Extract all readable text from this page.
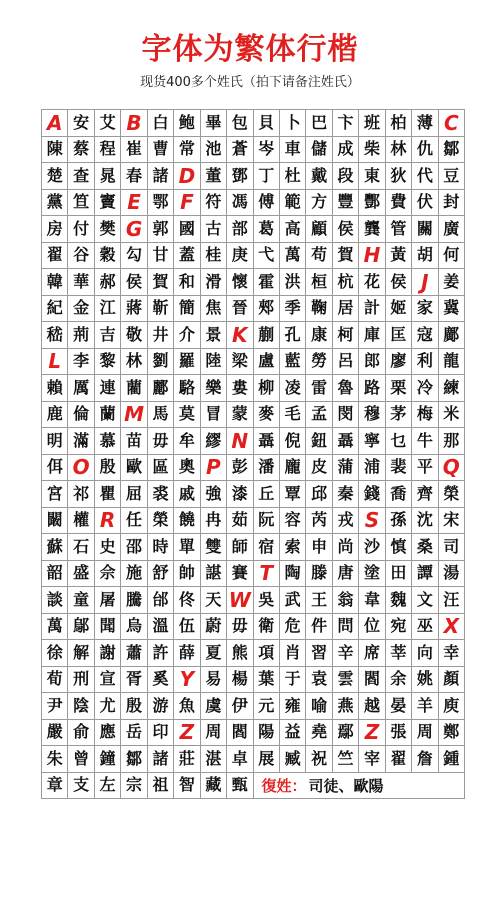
字体为繁体行楷
现货400多个姓氏（拍下请备注姓氏）
A 安 艾 B 白 鲍 畢 包 貝 卜 巴 卞 班 柏 薄 C
陳 蔡 程 崔 曹 常 池 蒼 岑 車 儲 成 柴 林 仇 鄒
楚 查 晁 春 諸 D 董 鄧 丁 杜 戴 段 東 狄 代 豆
黨 笪 竇 E 鄂 F 符 馮 傅 範 方 豐 酆 費 伏 封
房 付 樊 G 郭 國 古 部 葛 高 顧 侯 龔 管 關 廣
翟 谷 穀 勾 甘 蓋 桂 庚 弋 萬 苟 賀 H 黃 胡 何
韓 華 郝 侯 賀 和 滑 懷 霍 洪 桓 杭 花 侯 J 姜
紀 金 江 蔣 靳 簡 焦 晉 郟 季 鞠 居 計 姬 家 冀
嵇 荊 吉 敬 井 介 景 K 蒯 孔 康 柯 庫 匡 寇 鄺
L 李 黎 林 劉 羅 陸 梁 盧 藍 勞 呂 郎 廖 利 龍
賴 厲 連 藺 酈 駱 樂 婁 柳 凌 雷 魯 路 栗 冷 練
鹿 倫 蘭 M 馬 莫 冒 蒙 麥 毛 孟 閔 穆 茅 梅 米
明 滿 慕 苗 毋 牟 繆 N 聶 倪 鈕 聶 寧 乜 牛 那
佴 O 殷 歐 區 奧 P 彭 潘 龐 皮 蒲 浦 裴 平 Q
宮 祁 瞿 屈 裘 戚 強 漆 丘 覃 邱 秦 錢 喬 齊 榮
闞 權 R 任 榮 饒 冉 茹 阮 容 芮 戎 S 孫 沈 宋
蘇 石 史 邵 時 單 雙 師 宿 索 申 尚 沙 慎 桑 司
韶 盛 佘 施 舒 帥 諶 賽 T 陶 滕 唐 塗 田 譚 湯
談 童 屠 騰 邰 佟 天 W 吳 武 王 翁 韋 魏 文 汪
萬 鄔 聞 烏 溫 伍 蔚 毋 衛 危 件 問 位 宛 巫 X
徐 解 謝 蕭 許 薛 夏 熊 項 肖 習 辛 席 莘 向 幸
荀 刑 宣 胥 奚 Y 易 楊 葉 于 袁 雲 閻 余 姚 顏
尹 陰 尤 殷 游 魚 虞 伊 元 雍 喻 燕 越 晏 羊 庾
嚴 俞 應 岳 印 Z 周 閻 陽 益 堯 鄢 Z 張 周 鄭
朱 曾 鐘 鄒 諸 莊 湛 卓 展 臧 祝 竺 宰 翟 詹 鍾
章 支 左 宗 祖 智 藏 甄 復姓： 司徒、歐陽
